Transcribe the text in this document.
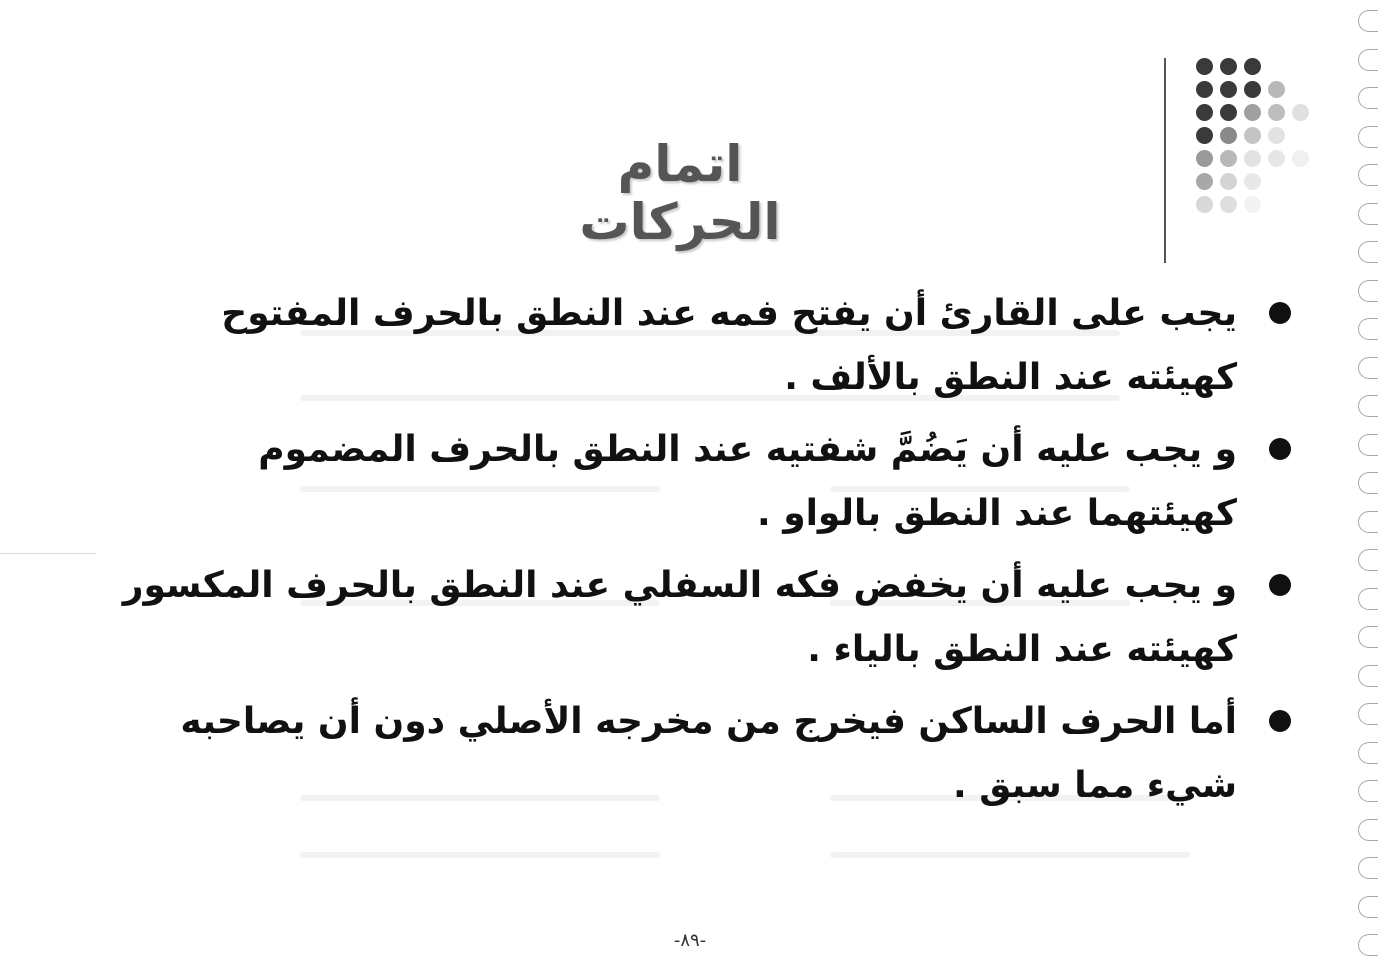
اتمام الحركات
يجب على القارئ أن يفتح فمه عند النطق بالحرف المفتوح كهيئته عند النطق بالألف .
و يجب عليه أن يَضُمَّ شفتيه عند النطق بالحرف المضموم كهيئتهما عند النطق بالواو .
و يجب عليه أن يخفض فكه السفلي عند النطق بالحرف المكسور كهيئته عند النطق بالياء .
أما الحرف الساكن فيخرج من مخرجه الأصلي دون أن يصاحبه شيء مما سبق .
-٨٩-
